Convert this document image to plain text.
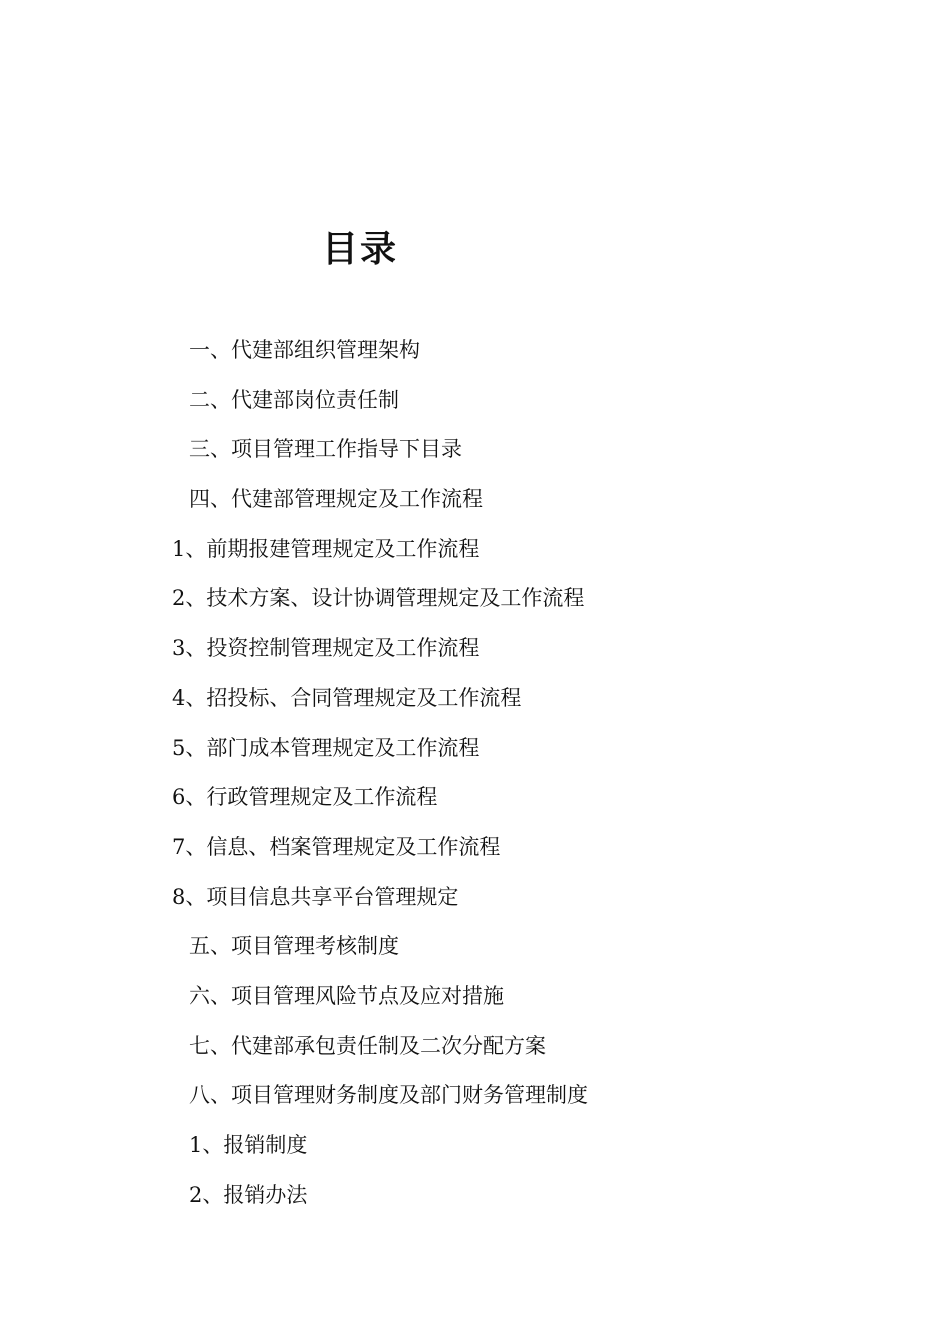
目录
一、代建部组织管理架构
二、代建部岗位责任制
三、项目管理工作指导下目录
四、代建部管理规定及工作流程
1、前期报建管理规定及工作流程
2、技术方案、设计协调管理规定及工作流程
3、投资控制管理规定及工作流程
4、招投标、合同管理规定及工作流程
5、部门成本管理规定及工作流程
6、行政管理规定及工作流程
7、信息、档案管理规定及工作流程
8、项目信息共享平台管理规定
五、项目管理考核制度
六、项目管理风险节点及应对措施
七、代建部承包责任制及二次分配方案
八、项目管理财务制度及部门财务管理制度
1、报销制度
2、报销办法
